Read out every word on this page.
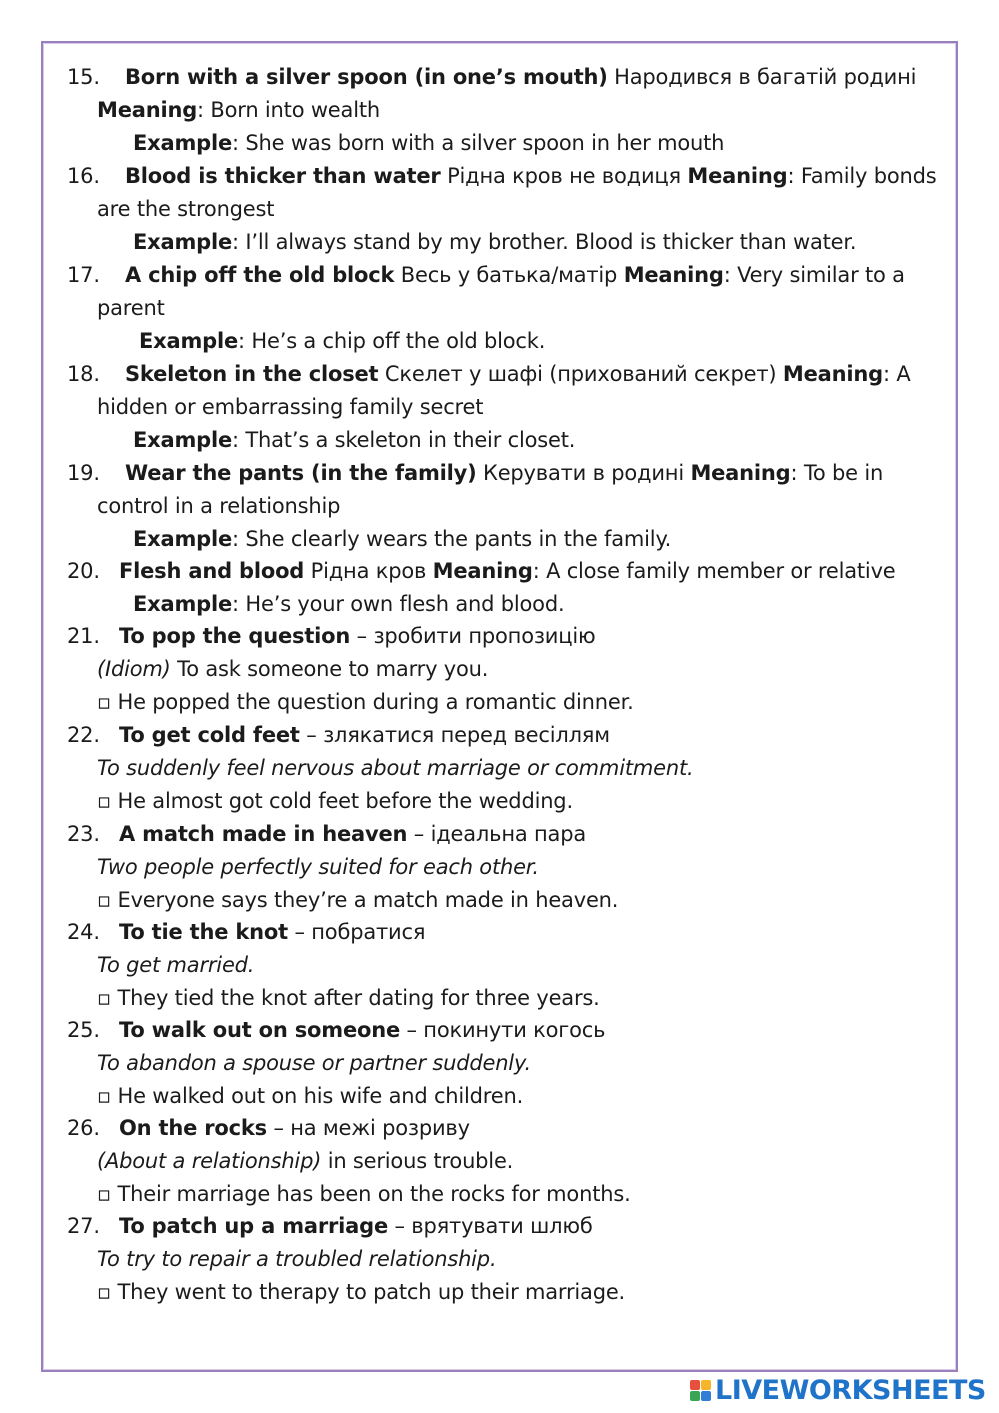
15. Born with a silver spoon (in one’s mouth) Народився в багатій родині
Meaning: Born into wealth
Example: She was born with a silver spoon in her mouth
16. Blood is thicker than water Рідна кров не водиця Meaning: Family bonds
are the strongest
Example: I’ll always stand by my brother. Blood is thicker than water.
17. A chip off the old block Весь у батька/матір Meaning: Very similar to a
parent
Example: He’s a chip off the old block.
18. Skeleton in the closet Скелет у шафі (прихований секрет) Meaning: A
hidden or embarrassing family secret
Example: That’s a skeleton in their closet.
19. Wear the pants (in the family) Керувати в родині Meaning: To be in
control in a relationship
Example: She clearly wears the pants in the family.
20. Flesh and blood Рідна кров Meaning: A close family member or relative
Example: He’s your own flesh and blood.
21. To pop the question – зробити пропозицію
(Idiom) To ask someone to marry you.
▫ He popped the question during a romantic dinner.
22. To get cold feet – злякатися перед весіллям
To suddenly feel nervous about marriage or commitment.
▫ He almost got cold feet before the wedding.
23. A match made in heaven – ідеальна пара
Two people perfectly suited for each other.
▫ Everyone says they’re a match made in heaven.
24. To tie the knot – побратися
To get married.
▫ They tied the knot after dating for three years.
25. To walk out on someone – покинути когось
To abandon a spouse or partner suddenly.
▫ He walked out on his wife and children.
26. On the rocks – на межі розриву
(About a relationship) in serious trouble.
▫ Their marriage has been on the rocks for months.
27. To patch up a marriage – врятувати шлюб
To try to repair a troubled relationship.
▫ They went to therapy to patch up their marriage.
LIVEWORKSHEETS
